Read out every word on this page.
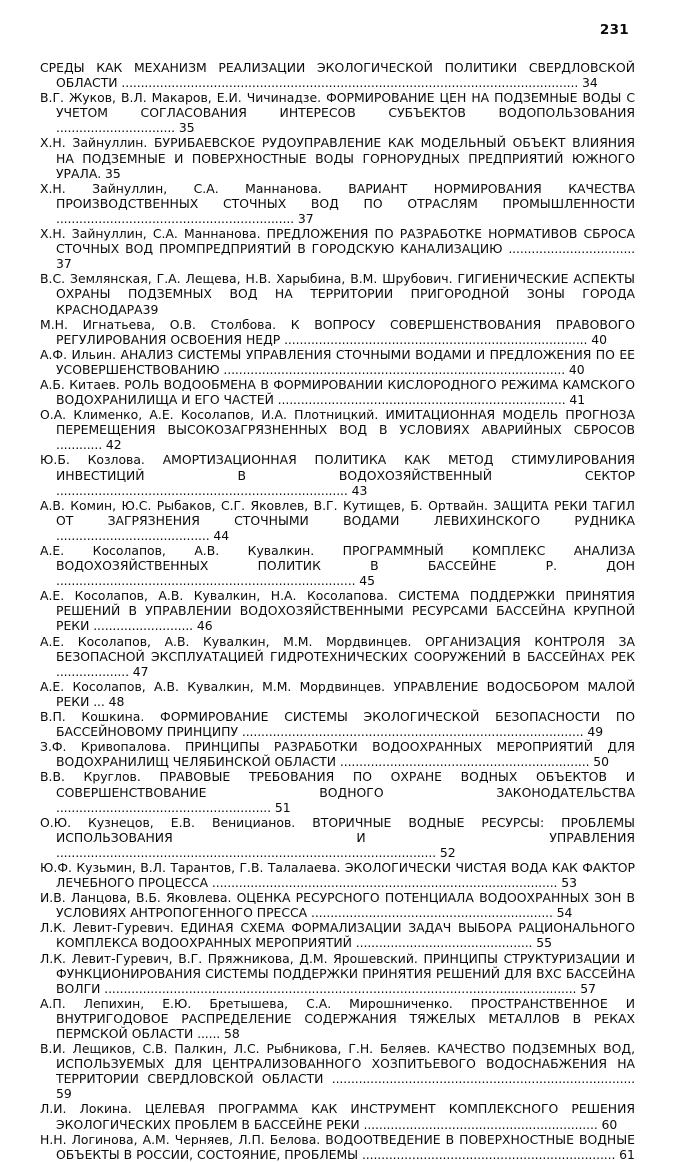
231
СРЕДЫ КАК МЕХАНИЗМ РЕАЛИЗАЦИИ ЭКОЛОГИЧЕСКОЙ ПОЛИТИКИ СВЕРДЛОВСКОЙ ОБЛАСТИ ....................................................................................................................... 34
В.Г. Жуков, В.Л. Макаров, Е.И. Чичинадзе. ФОРМИРОВАНИЕ ЦЕН НА ПОДЗЕМНЫЕ ВОДЫ С УЧЕТОМ СОГЛАСОВАНИЯ ИНТЕРЕСОВ СУБЪЕКТОВ ВОДОПОЛЬЗОВАНИЯ ............................... 35
Х.Н. Зайнуллин. БУРИБАЕВСКОЕ РУДОУПРАВЛЕНИЕ КАК МОДЕЛЬНЫЙ ОБЪЕКТ ВЛИЯНИЯ НА ПОДЗЕМНЫЕ И ПОВЕРХНОСТНЫЕ ВОДЫ ГОРНОРУДНЫХ ПРЕДПРИЯТИЙ ЮЖНОГО УРАЛА. 35
Х.Н. Зайнуллин, С.А. Маннанова. ВАРИАНТ НОРМИРОВАНИЯ КАЧЕСТВА ПРОИЗВОДСТВЕННЫХ СТОЧНЫХ ВОД ПО ОТРАСЛЯМ ПРОМЫШЛЕННОСТИ .............................................................. 37
Х.Н. Зайнуллин, С.А. Маннанова. ПРЕДЛОЖЕНИЯ ПО РАЗРАБОТКЕ НОРМАТИВОВ СБРОСА СТОЧНЫХ ВОД ПРОМПРЕДПРИЯТИЙ В ГОРОДСКУЮ КАНАЛИЗАЦИЮ ................................. 37
В.С. Землянская, Г.А. Лещева, Н.В. Харыбина, В.М. Шрубович. ГИГИЕНИЧЕСКИЕ АСПЕКТЫ ОХРАНЫ ПОДЗЕМНЫХ ВОД НА ТЕРРИТОРИИ ПРИГОРОДНОЙ ЗОНЫ ГОРОДА КРАСНОДАРА39
М.Н. Игнатьева, О.В. Столбова. К ВОПРОСУ СОВЕРШЕНСТВОВАНИЯ ПРАВОВОГО РЕГУЛИРОВАНИЯ ОСВОЕНИЯ НЕДР ............................................................................... 40
А.Ф. Ильин. АНАЛИЗ СИСТЕМЫ УПРАВЛЕНИЯ СТОЧНЫМИ ВОДАМИ И ПРЕДЛОЖЕНИЯ ПО ЕЕ УСОВЕРШЕНСТВОВАНИЮ ......................................................................................... 40
А.Б. Китаев. РОЛЬ ВОДООБМЕНА В ФОРМИРОВАНИИ КИСЛОРОДНОГО РЕЖИМА КАМСКОГО ВОДОХРАНИЛИЩА И ЕГО ЧАСТЕЙ ........................................................................... 41
О.А. Клименко, А.Е. Косолапов, И.А. Плотницкий. ИМИТАЦИОННАЯ МОДЕЛЬ ПРОГНОЗА ПЕРЕМЕЩЕНИЯ ВЫСОКОЗАГРЯЗНЕННЫХ ВОД В УСЛОВИЯХ АВАРИЙНЫХ СБРОСОВ ............ 42
Ю.Б. Козлова. АМОРТИЗАЦИОННАЯ ПОЛИТИКА КАК МЕТОД СТИМУЛИРОВАНИЯ ИНВЕСТИЦИЙ В ВОДОХОЗЯЙСТВЕННЫЙ СЕКТОР ............................................................................ 43
А.В. Комин, Ю.С. Рыбаков, С.Г. Яковлев, В.Г. Кутищев, Б. Ортвайн. ЗАЩИТА РЕКИ ТАГИЛ ОТ ЗАГРЯЗНЕНИЯ СТОЧНЫМИ ВОДАМИ ЛЕВИХИНСКОГО РУДНИКА ........................................ 44
А.Е. Косолапов, А.В. Кувалкин. ПРОГРАММНЫЙ КОМПЛЕКС АНАЛИЗА ВОДОХОЗЯЙСТВЕННЫХ ПОЛИТИК В БАССЕЙНЕ Р. ДОН .............................................................................. 45
А.Е. Косолапов, А.В. Кувалкин, Н.А. Косолапова. СИСТЕМА ПОДДЕРЖКИ ПРИНЯТИЯ РЕШЕНИЙ В УПРАВЛЕНИИ ВОДОХОЗЯЙСТВЕННЫМИ РЕСУРСАМИ БАССЕЙНА КРУПНОЙ РЕКИ .......................... 46
А.Е. Косолапов, А.В. Кувалкин, М.М. Мордвинцев. ОРГАНИЗАЦИЯ КОНТРОЛЯ ЗА БЕЗОПАСНОЙ ЭКСПЛУАТАЦИЕЙ ГИДРОТЕХНИЧЕСКИХ СООРУЖЕНИЙ В БАССЕЙНАХ РЕК ................... 47
А.Е. Косолапов, А.В. Кувалкин, М.М. Мордвинцев. УПРАВЛЕНИЕ ВОДОСБОРОМ МАЛОЙ РЕКИ ... 48
В.П. Кошкина. ФОРМИРОВАНИЕ СИСТЕМЫ ЭКОЛОГИЧЕСКОЙ БЕЗОПАСНОСТИ ПО БАССЕЙНОВОМУ ПРИНЦИПУ ......................................................................................... 49
З.Ф. Кривопалова. ПРИНЦИПЫ РАЗРАБОТКИ ВОДООХРАННЫХ МЕРОПРИЯТИЙ ДЛЯ ВОДОХРАНИЛИЩ ЧЕЛЯБИНСКОЙ ОБЛАСТИ ................................................................. 50
В.В. Круглов. ПРАВОВЫЕ ТРЕБОВАНИЯ ПО ОХРАНЕ ВОДНЫХ ОБЪЕКТОВ И СОВЕРШЕНСТВОВАНИЕ ВОДНОГО ЗАКОНОДАТЕЛЬСТВА ........................................................ 51
О.Ю. Кузнецов, Е.В. Веницианов. ВТОРИЧНЫЕ ВОДНЫЕ РЕСУРСЫ: ПРОБЛЕМЫ ИСПОЛЬЗОВАНИЯ И УПРАВЛЕНИЯ ................................................................................................... 52
Ю.Ф. Кузьмин, В.Л. Тарантов, Г.В. Талалаева. ЭКОЛОГИЧЕСКИ ЧИСТАЯ ВОДА КАК ФАКТОР ЛЕЧЕБНОГО ПРОЦЕССА .......................................................................................... 53
И.В. Ланцова, В.Б. Яковлева. ОЦЕНКА РЕСУРСНОГО ПОТЕНЦИАЛА ВОДООХРАННЫХ ЗОН В УСЛОВИЯХ АНТРОПОГЕННОГО ПРЕССА ............................................................... 54
Л.К. Левит-Гуревич. ЕДИНАЯ СХЕМА ФОРМАЛИЗАЦИИ ЗАДАЧ ВЫБОРА РАЦИОНАЛЬНОГО КОМПЛЕКСА ВОДООХРАННЫХ МЕРОПРИЯТИЙ .............................................. 55
Л.К. Левит-Гуревич, В.Г. Пряжникова, Д.М. Ярошевский. ПРИНЦИПЫ СТРУКТУРИЗАЦИИ И ФУНКЦИОНИРОВАНИЯ СИСТЕМЫ ПОДДЕРЖКИ ПРИНЯТИЯ РЕШЕНИЙ ДЛЯ ВХС БАССЕЙНА ВОЛГИ ........................................................................................................................... 57
А.П. Лепихин, Е.Ю. Бретышева, С.А. Мирошниченко. ПРОСТРАНСТВЕННОЕ И ВНУТРИГОДОВОЕ РАСПРЕДЕЛЕНИЕ СОДЕРЖАНИЯ ТЯЖЕЛЫХ МЕТАЛЛОВ В РЕКАХ ПЕРМСКОЙ ОБЛАСТИ ...... 58
В.И. Лещиков, С.В. Палкин, Л.С. Рыбникова, Г.Н. Беляев. КАЧЕСТВО ПОДЗЕМНЫХ ВОД, ИСПОЛЬЗУЕМЫХ ДЛЯ ЦЕНТРАЛИЗОВАННОГО ХОЗПИТЬЕВОГО ВОДОСНАБЖЕНИЯ НА ТЕРРИТОРИИ СВЕРДЛОВСКОЙ ОБЛАСТИ ............................................................................... 59
Л.И. Локина. ЦЕЛЕВАЯ ПРОГРАММА КАК ИНСТРУМЕНТ КОМПЛЕКСНОГО РЕШЕНИЯ ЭКОЛОГИЧЕСКИХ ПРОБЛЕМ В БАССЕЙНЕ РЕКИ ............................................................. 60
Н.Н. Логинова, А.М. Черняев, Л.П. Белова. ВОДООТВЕДЕНИЕ В ПОВЕРХНОСТНЫЕ ВОДНЫЕ ОБЪЕКТЫ В РОССИИ, СОСТОЯНИЕ, ПРОБЛЕМЫ .................................................................. 61
